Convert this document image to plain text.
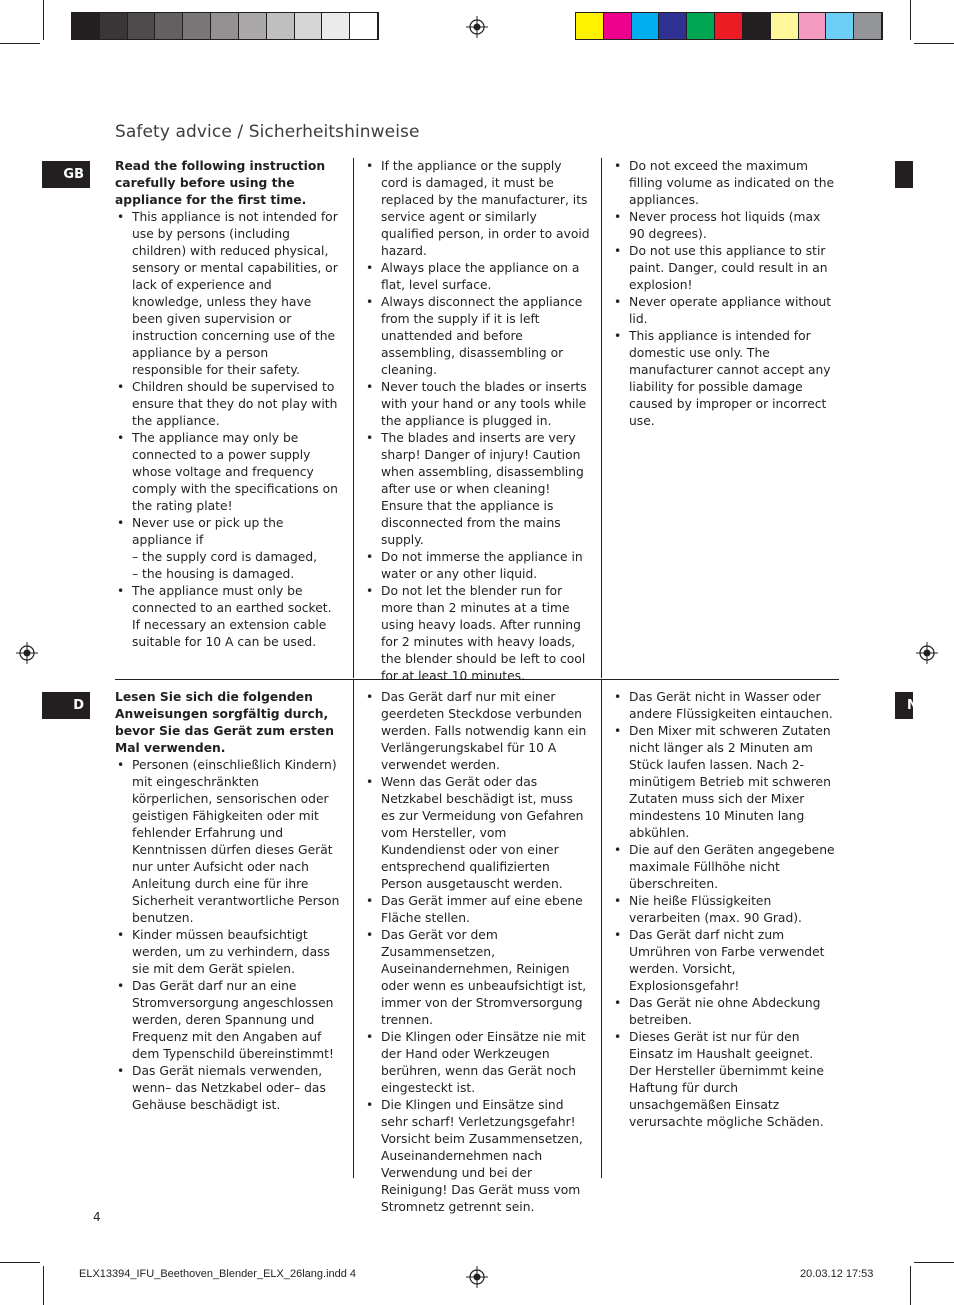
Safety advice / Sicherheitshinweise
GB
D	N

Read the following instruction carefully before using the appliance for the first time.

• This appliance is not intended for use by persons (including children) with reduced physical, sensory or mental capabilities, or lack of experience and knowledge, unless they have been given supervision or instruction concerning use of the appliance by a person responsible for their safety.
• Children should be supervised to ensure that they do not play with the appliance.
• The appliance may only be connected to a power supply whose voltage and frequency comply with the specifications on the rating plate!
• Never use or pick up the appliance if
– the supply cord is damaged,
– the housing is damaged.
• The appliance must only be connected to an earthed socket. If necessary an extension cable suitable for 10 A can be used.
• If the appliance or the supply cord is damaged, it must be replaced by the manufacturer, its service agent or similarly qualified person, in order to avoid hazard.
• Always place the appliance on a flat, level surface.
• Always disconnect the appliance from the supply if it is left unattended and before assembling, disassembling or cleaning.
• Never touch the blades or inserts with your hand or any tools while the appliance is plugged in.
• The blades and inserts are very sharp! Danger of injury! Caution when assembling, disassembling after use or when cleaning! Ensure that the appliance is disconnected from the mains supply.
• Do not immerse the appliance in water or any other liquid.
• Do not let the blender run for more than 2 minutes at a time using heavy loads. After running for 2 minutes with heavy loads, the blender should be left to cool for at least 10 minutes.
• Do not exceed the maximum filling volume as indicated on the appliances.
• Never process hot liquids (max 90 degrees).
• Do not use this appliance to stir paint. Danger, could result in an explosion!
• Never operate appliance without lid.
• This appliance is intended for domestic use only. The manufacturer cannot accept any liability for possible damage caused by improper or incorrect use.

Lesen Sie sich die folgenden Anweisungen sorgfältig durch, bevor Sie das Gerät zum ersten Mal verwenden.

• Personen (einschließlich Kindern) mit eingeschränkten körperlichen, sensorischen oder geistigen Fähigkeiten oder mit fehlender Erfahrung und Kenntnissen dürfen dieses Gerät nur unter Aufsicht oder nach Anleitung durch eine für ihre Sicherheit verantwortliche Person benutzen.
• Kinder müssen beaufsichtigt werden, um zu verhindern, dass sie mit dem Gerät spielen.
• Das Gerät darf nur an eine Stromversorgung angeschlossen werden, deren Spannung und Frequenz mit den Angaben auf dem Typenschild übereinstimmt!
• Das Gerät niemals verwenden, wenn– das Netzkabel oder– das Gehäuse beschädigt ist.
• Das Gerät darf nur mit einer geerdeten Steckdose verbunden werden. Falls notwendig kann ein Verlängerungskabel für 10 A verwendet werden.
• Wenn das Gerät oder das Netzkabel beschädigt ist, muss es zur Vermeidung von Gefahren vom Hersteller, vom Kundendienst oder von einer entsprechend qualifizierten Person ausgetauscht werden.
• Das Gerät immer auf eine ebene Fläche stellen.
• Das Gerät vor dem Zusammensetzen, Auseinandernehmen, Reinigen oder wenn es unbeaufsichtigt ist, immer von der Stromversorgung trennen.
• Die Klingen oder Einsätze nie mit der Hand oder Werkzeugen berühren, wenn das Gerät noch eingesteckt ist.
• Die Klingen und Einsätze sind sehr scharf! Verletzungsgefahr! Vorsicht beim Zusammensetzen, Auseinandernehmen nach Verwendung und bei der Reinigung! Das Gerät muss vom Stromnetz getrennt sein.
• Das Gerät nicht in Wasser oder andere Flüssigkeiten eintauchen.
• Den Mixer mit schweren Zutaten nicht länger als 2 Minuten am Stück laufen lassen. Nach 2-minütigem Betrieb mit schweren Zutaten muss sich der Mixer mindestens 10 Minuten lang abkühlen.
• Die auf den Geräten angegebene maximale Füllhöhe nicht überschreiten.
• Nie heiße Flüssigkeiten verarbeiten (max. 90 Grad).
• Das Gerät darf nicht zum Umrühren von Farbe verwendet werden. Vorsicht, Explosionsgefahr!
• Das Gerät nie ohne Abdeckung betreiben.
• Dieses Gerät ist nur für den Einsatz im Haushalt geeignet. Der Hersteller übernimmt keine Haftung für durch unsachgemäßen Einsatz verursachte mögliche Schäden.
4
ELX13394_IFU_Beethoven_Blender_ELX_26lang.indd 4	20.03.12 17:53
